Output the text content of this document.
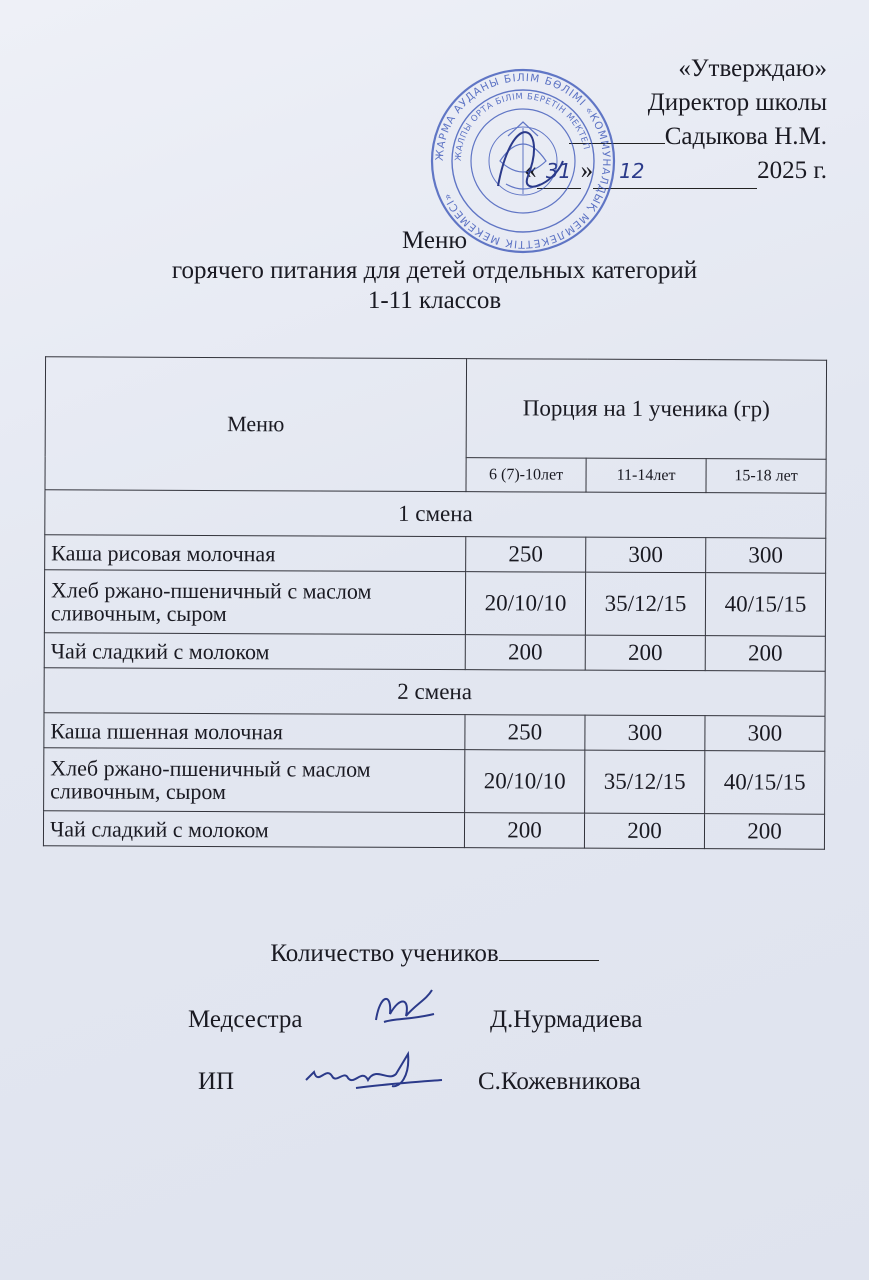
«Утверждаю»
Директор школы
Садыкова Н.М.
« 31 » 12	2025 г.
ЖАРМА АУДАНЫ БІЛІМ БӨЛІМІ «КОММУНАЛДЫҚ МЕМЛЕКЕТТІК МЕКЕМЕСІ»
ЖАЛПЫ ОРТА БІЛІМ БЕРЕТІН МЕКТЕП
Меню
горячего питания для детей отдельных категорий
1-11 классов
Меню	Порция на 1 ученика (гр)		
	6 (7)-10лет	11-14лет	15-18 лет
1 смена			
Каша рисовая молочная	250	300	300
Хлеб ржано-пшеничный с маслом сливочным, сыром	20/10/10	35/12/15	40/15/15
Чай сладкий с молоком	200	200	200
2 смена			
Каша пшенная молочная	250	300	300
Хлеб ржано-пшеничный с маслом сливочным, сыром	20/10/10	35/12/15	40/15/15
Чай сладкий с молоком	200	200	200
Количество учеников
Медсестра	Д.Нурмадиева
ИП	С.Кожевникова
